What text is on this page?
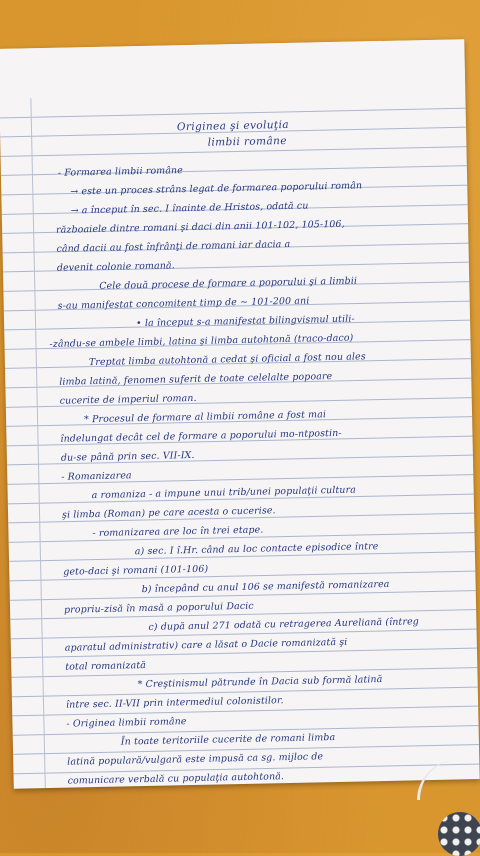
Originea şi evoluţia
limbii române
- Formarea limbii române
→ este un proces strâns legat de formarea poporului român
→ a început în sec. I înainte de Hristos, odată cu
războaiele dintre romani şi daci din anii 101-102, 105-106,
când dacii au fost înfrânţi de romani iar dacia a
devenit colonie romană.
Cele două procese de formare a poporului şi a limbii
s-au manifestat concomitent timp de ~ 101-200 ani
• la început s-a manifestat bilingvismul utili-
-zându-se ambele limbi, latina şi limba autohtonă (traco-daco)
Treptat limba autohtonă a cedat şi oficial a fost nou ales
limba latină, fenomen suferit de toate celelalte popoare
cucerite de imperiul roman.
* Procesul de formare al limbii române a fost mai
îndelungat decât cel de formare a poporului mo-ntpostin-
du-se până prin sec. VII-IX.
- Romanizarea
a romaniza - a impune unui trib/unei populaţii cultura
şi limba (Roman) pe care acesta o cucerise.
- romanizarea are loc în trei etape.
a) sec. I î.Hr. când au loc contacte episodice între
geto-daci şi romani (101-106)
b) începând cu anul 106 se manifestă romanizarea
propriu-zisă în masă a poporului Dacic
c) după anul 271 odată cu retragerea Aureliană (întreg
aparatul administrativ) care a lăsat o Dacie romanizată şi
total romanizată
* Creştinismul pătrunde în Dacia sub formă latină
între sec. II-VII prin intermediul colonistilor.
- Originea limbii române
În toate teritoriile cucerite de romani limba
latină populară/vulgară este impusă ca sg. mijloc de
comunicare verbală cu populaţia autohtonă.
